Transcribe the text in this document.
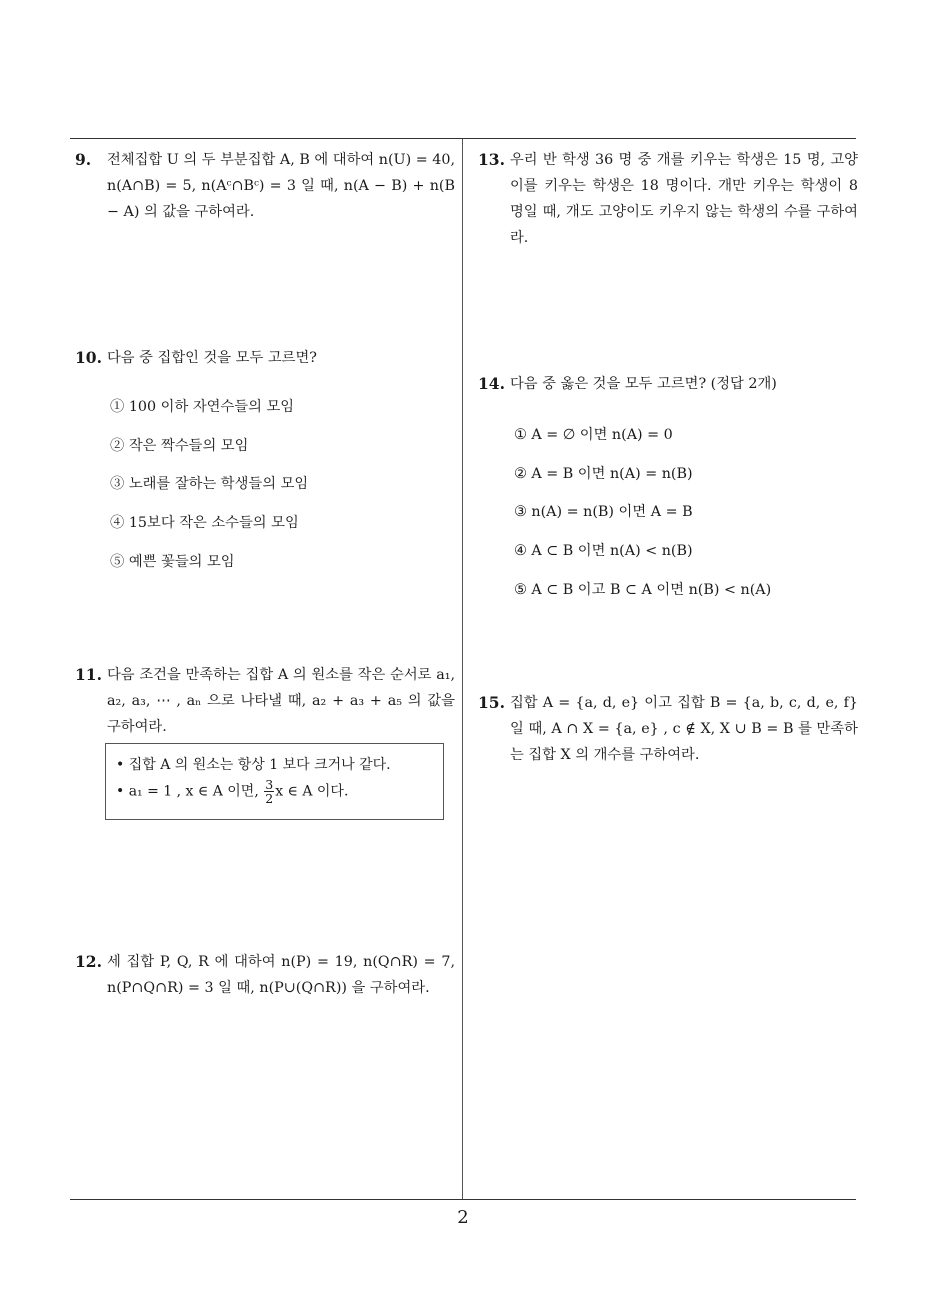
9. 전체집합 U 의 두 부분집합 A, B 에 대하여 n(U) = 40, n(A∩B) = 5, n(Aᶜ∩Bᶜ) = 3 일 때, n(A − B) + n(B − A) 의 값을 구하여라.
10. 다음 중 집합인 것을 모두 고르면?
① 100 이하 자연수들의 모임
② 작은 짝수들의 모임
③ 노래를 잘하는 학생들의 모임
④ 15보다 작은 소수들의 모임
⑤ 예쁜 꽃들의 모임
11. 다음 조건을 만족하는 집합 A 의 원소를 작은 순서로 a₁, a₂, a₃, ⋯ , aₙ 으로 나타낼 때, a₂ + a₃ + a₅ 의 값을 구하여라.
• 집합 A 의 원소는 항상 1 보다 크거나 같다.
• a₁ = 1 , x ∈ A 이면, $\frac{3}{2}$ x ∈ A 이다.
12. 세 집합 P, Q, R 에 대하여 n(P) = 19, n(Q∩R) = 7, n(P∩Q∩R) = 3 일 때, n(P∪(Q∩R)) 을 구하여라.
13. 우리 반 학생 36 명 중 개를 키우는 학생은 15 명, 고양이를 키우는 학생은 18 명이다. 개만 키우는 학생이 8 명일 때, 개도 고양이도 키우지 않는 학생의 수를 구하여라.
14. 다음 중 옳은 것을 모두 고르면? (정답 2개)
① A = ∅ 이면 n(A) = 0
② A = B 이면 n(A) = n(B)
③ n(A) = n(B) 이면 A = B
④ A ⊂ B 이면 n(A) < n(B)
⑤ A ⊂ B 이고 B ⊂ A 이면 n(B) < n(A)
15. 집합 A = {a, d, e} 이고 집합 B = {a, b, c, d, e, f} 일 때, A ∩ X = {a, e} , c ∉ X, X ∪ B = B 를 만족하는 집합 X 의 개수를 구하여라.
2
